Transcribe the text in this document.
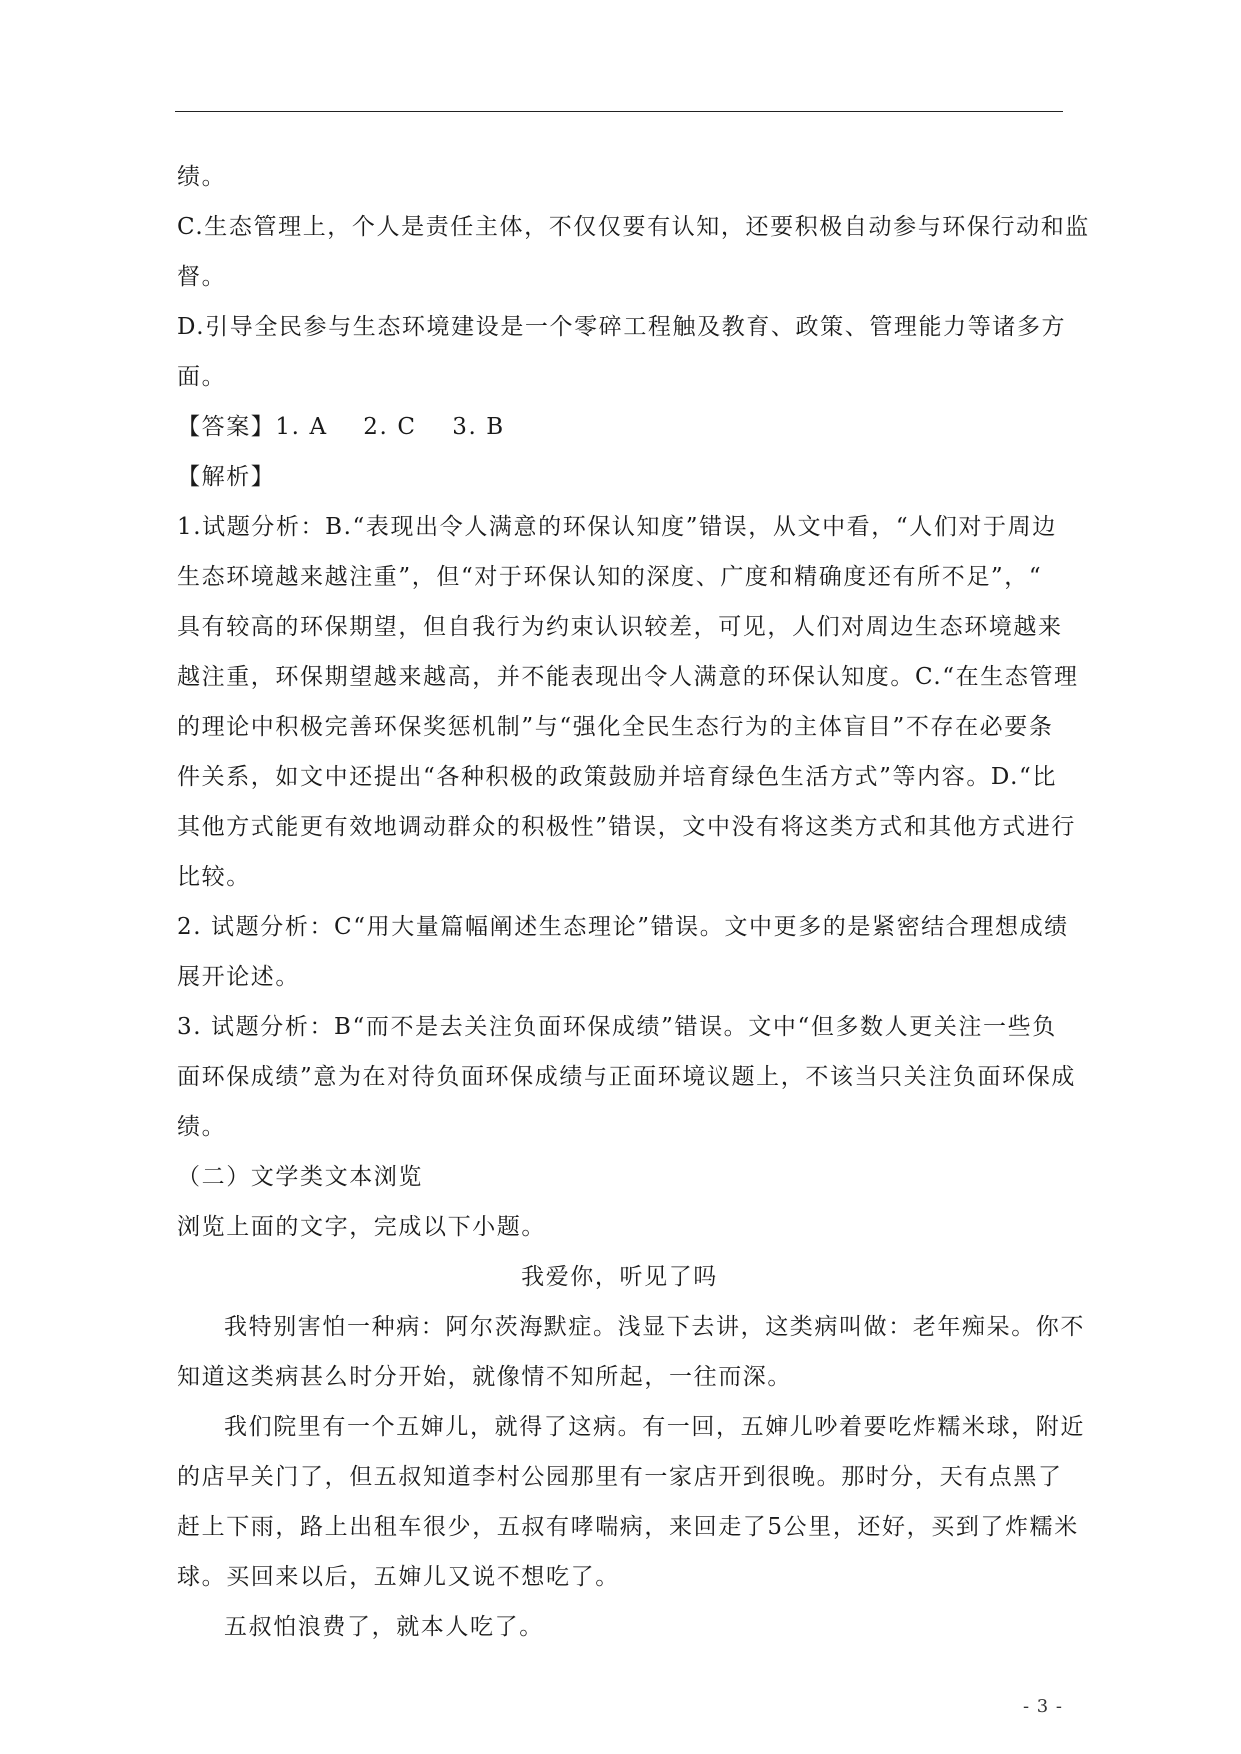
绩。
C.生态管理上，个人是责任主体，不仅仅要有认知，还要积极自动参与环保行动和监
督。
D.引导全民参与生态环境建设是一个零碎工程触及教育、政策、管理能力等诸多方
面。
【答案】1. A    2. C    3. B
【解析】
1.试题分析：B.“表现出令人满意的环保认知度”错误，从文中看，“人们对于周边
生态环境越来越注重”，但“对于环保认知的深度、广度和精确度还有所不足”，“
具有较高的环保期望，但自我行为约束认识较差，可见，人们对周边生态环境越来
越注重，环保期望越来越高，并不能表现出令人满意的环保认知度。C.“在生态管理
的理论中积极完善环保奖惩机制”与“强化全民生态行为的主体盲目”不存在必要条
件关系，如文中还提出“各种积极的政策鼓励并培育绿色生活方式”等内容。D.“比
其他方式能更有效地调动群众的积极性”错误，文中没有将这类方式和其他方式进行
比较。
2. 试题分析：C“用大量篇幅阐述生态理论”错误。文中更多的是紧密结合理想成绩
展开论述。
3. 试题分析：B“而不是去关注负面环保成绩”错误。文中“但多数人更关注一些负
面环保成绩”意为在对待负面环保成绩与正面环境议题上，不该当只关注负面环保成
绩。
（二）文学类文本浏览
浏览上面的文字，完成以下小题。
我爱你，听见了吗
我特别害怕一种病：阿尔茨海默症。浅显下去讲，这类病叫做：老年痴呆。你不
知道这类病甚么时分开始，就像情不知所起，一往而深。
我们院里有一个五婶儿，就得了这病。有一回，五婶儿吵着要吃炸糯米球，附近
的店早关门了，但五叔知道李村公园那里有一家店开到很晚。那时分，天有点黑了
赶上下雨，路上出租车很少，五叔有哮喘病，来回走了5公里，还好，买到了炸糯米
球。买回来以后，五婶儿又说不想吃了。
五叔怕浪费了，就本人吃了。
- 3 -
